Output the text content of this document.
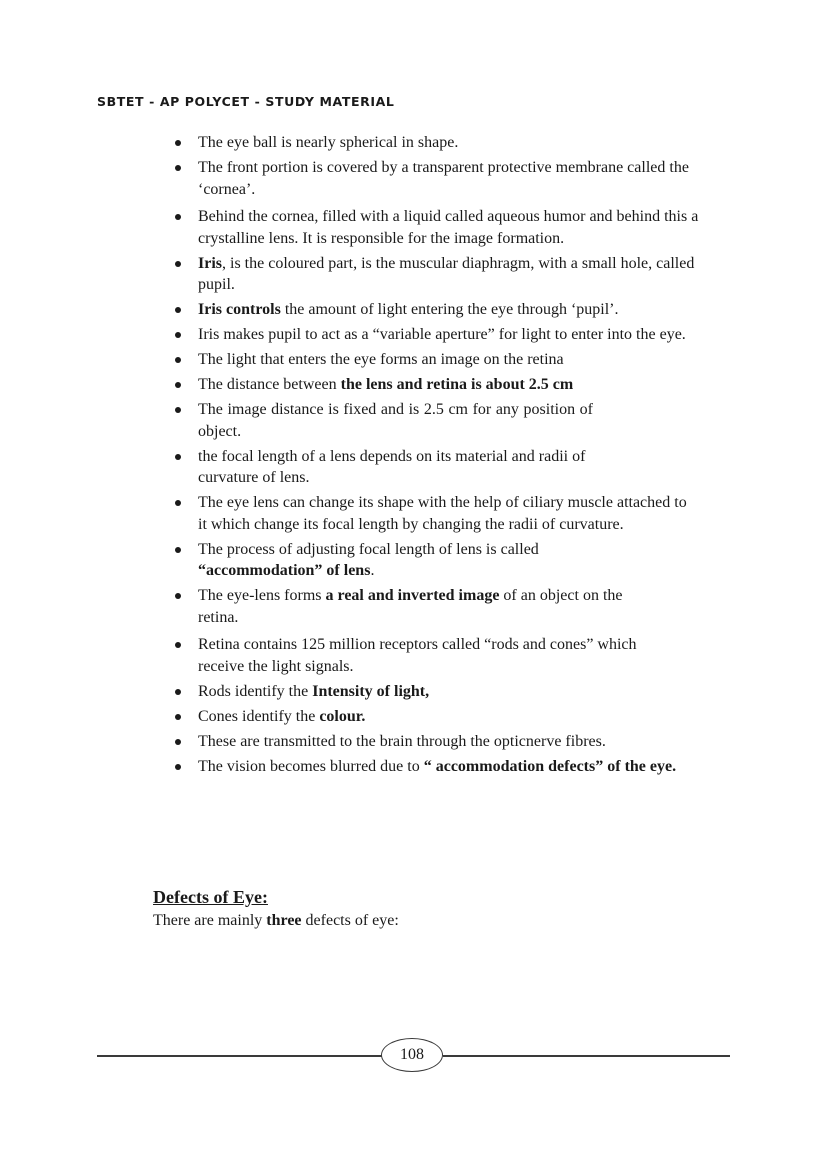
SBTET - AP POLYCET - STUDY MATERIAL
The eye ball is nearly spherical in shape.
The front portion is covered by a transparent protective membrane called the ‘cornea’.
Behind the cornea, filled with a liquid called aqueous humor and behind this a crystalline lens. It is responsible for the image formation.
Iris, is the coloured part, is the muscular diaphragm, with a small hole, called pupil.
Iris controls the amount of light entering the eye through ‘pupil’.
Iris makes pupil to act as a “variable aperture” for light to enter into the eye.
The light that enters the eye forms an image on the retina
The distance between the lens and retina is about 2.5 cm
The image distance is fixed and is 2.5 cm for any position of object.
the focal length of a lens depends on its material and radii of curvature of lens.
The eye lens can change its shape with the help of ciliary muscle attached to it which change its focal length by changing the radii of curvature.
The process of adjusting focal length of lens is called “accommodation” of lens.
The eye-lens forms a real and inverted image of an object on the retina.
Retina contains 125 million receptors called “rods and cones” which receive the light signals.
Rods identify the Intensity of light,
Cones identify the colour.
These are transmitted to the brain through the opticnerve fibres.
The vision becomes blurred due to “ accommodation defects” of the eye.
Defects of Eye:
There are mainly three defects of eye:
108
